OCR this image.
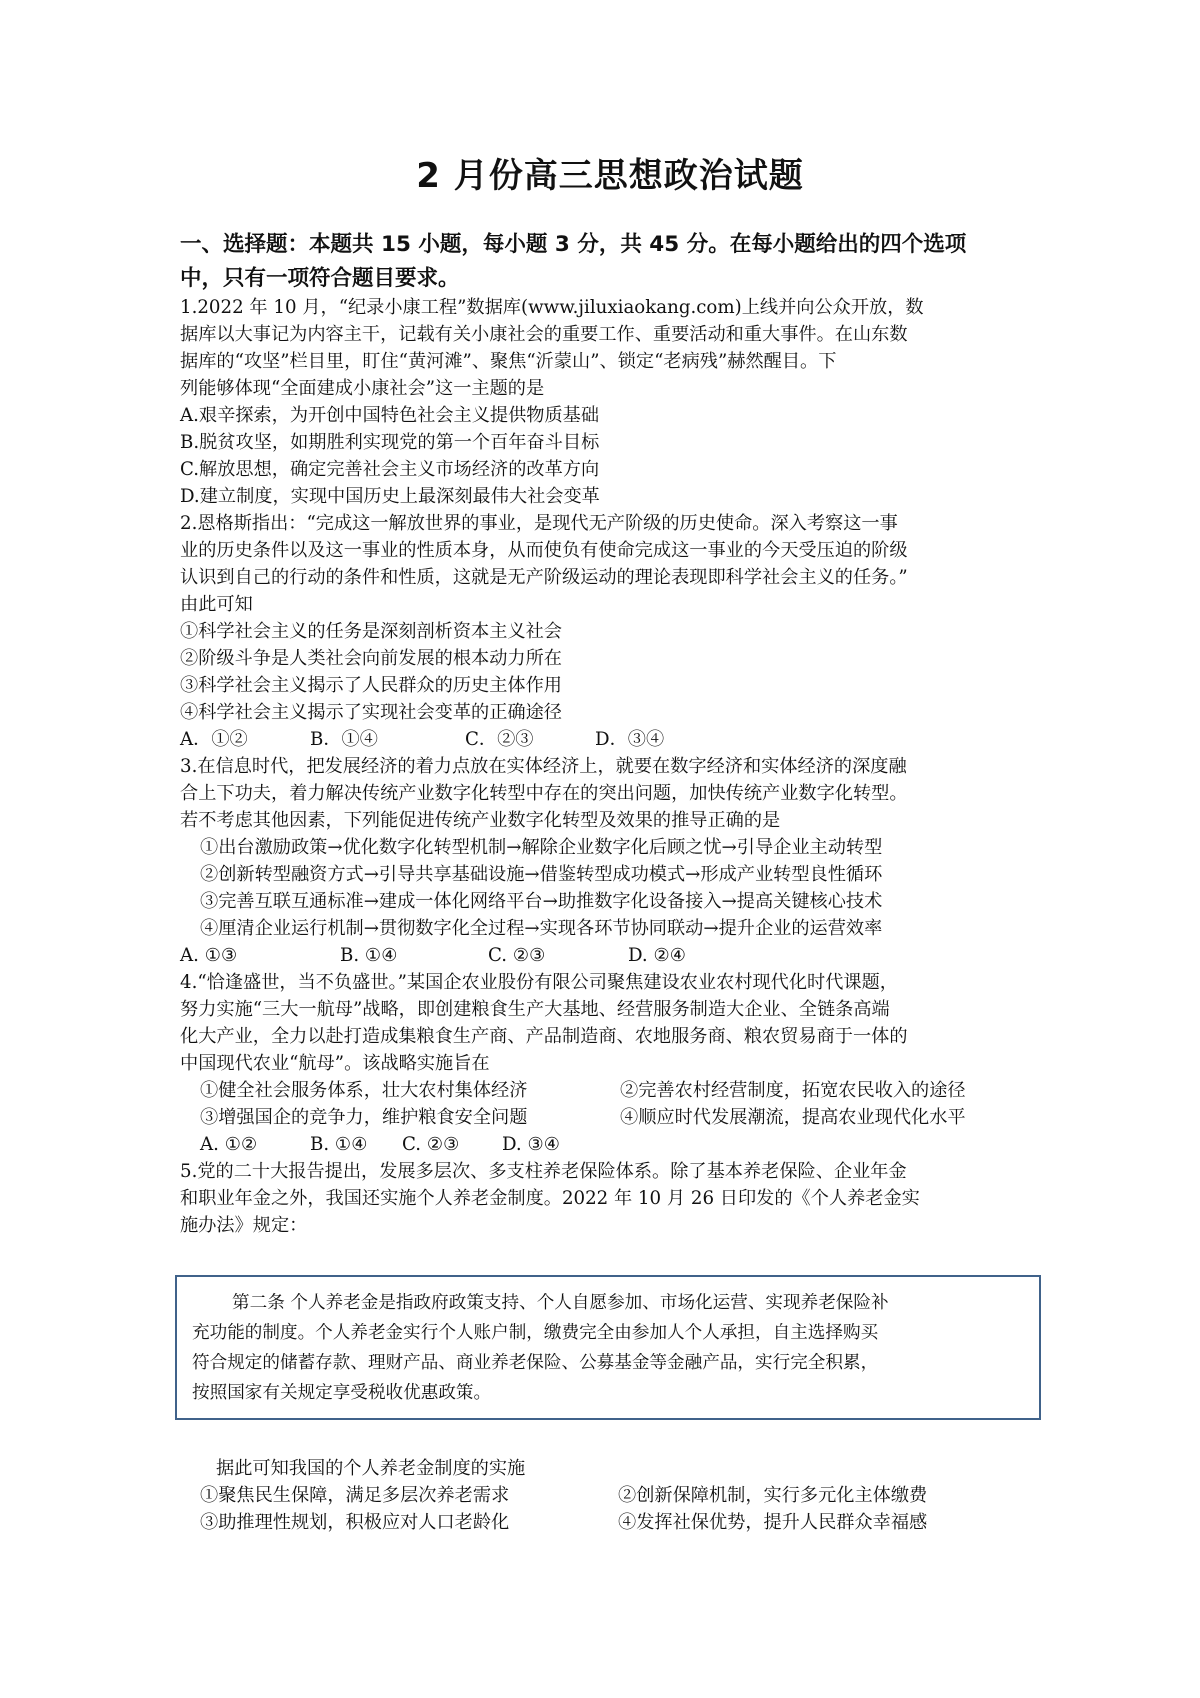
2 月份高三思想政治试题
一、选择题：本题共 15 小题，每小题 3 分，共 45 分。在每小题给出的四个选项
中，只有一项符合题目要求。
1.2022 年 10 月，“纪录小康工程”数据库(www.jiluxiaokang.com)上线并向公众开放，数
据库以大事记为内容主干，记载有关小康社会的重要工作、重要活动和重大事件。在山东数
据库的“攻坚”栏目里，盯住“黄河滩”、聚焦“沂蒙山”、锁定“老病残”赫然醒目。下
列能够体现“全面建成小康社会”这一主题的是
A.艰辛探索，为开创中国特色社会主义提供物质基础
B.脱贫攻坚，如期胜利实现党的第一个百年奋斗目标
C.解放思想，确定完善社会主义市场经济的改革方向
D.建立制度，实现中国历史上最深刻最伟大社会变革
2.恩格斯指出：“完成这一解放世界的事业，是现代无产阶级的历史使命。深入考察这一事
业的历史条件以及这一事业的性质本身，从而使负有使命完成这一事业的今天受压迫的阶级
认识到自己的行动的条件和性质，这就是无产阶级运动的理论表现即科学社会主义的任务。”
由此可知
①科学社会主义的任务是深刻剖析资本主义社会
②阶级斗争是人类社会向前发展的根本动力所在
③科学社会主义揭示了人民群众的历史主体作用
④科学社会主义揭示了实现社会变革的正确途径
A．①②	B．①④	C．②③	D．③④
3.在信息时代，把发展经济的着力点放在实体经济上，就要在数字经济和实体经济的深度融
合上下功夫，着力解决传统产业数字化转型中存在的突出问题，加快传统产业数字化转型。
若不考虑其他因素，下列能促进传统产业数字化转型及效果的推导正确的是
①出台激励政策→优化数字化转型机制→解除企业数字化后顾之忧→引导企业主动转型
②创新转型融资方式→引导共享基础设施→借鉴转型成功模式→形成产业转型良性循环
③完善互联互通标准→建成一体化网络平台→助推数字化设备接入→提高关键核心技术
④厘清企业运行机制→贯彻数字化全过程→实现各环节协同联动→提升企业的运营效率
A. ①③	B. ①④	C. ②③	D. ②④
4.“恰逢盛世，当不负盛世。”某国企农业股份有限公司聚焦建设农业农村现代化时代课题，
努力实施“三大一航母”战略，即创建粮食生产大基地、经营服务制造大企业、全链条高端
化大产业，全力以赴打造成集粮食生产商、产品制造商、农地服务商、粮农贸易商于一体的
中国现代农业“航母”。该战略实施旨在
①健全社会服务体系，壮大农村集体经济	②完善农村经营制度，拓宽农民收入的途径
③增强国企的竞争力，维护粮食安全问题	④顺应时代发展潮流，提高农业现代化水平
A. ①②	B. ①④ C. ②③ D. ③④
5.党的二十大报告提出，发展多层次、多支柱养老保险体系。除了基本养老保险、企业年金
和职业年金之外，我国还实施个人养老金制度。2022 年 10 月 26 日印发的《个人养老金实
施办法》规定：
第二条 个人养老金是指政府政策支持、个人自愿参加、市场化运营、实现养老保险补
充功能的制度。个人养老金实行个人账户制，缴费完全由参加人个人承担，自主选择购买
符合规定的储蓄存款、理财产品、商业养老保险、公募基金等金融产品，实行完全积累，
按照国家有关规定享受税收优惠政策。
据此可知我国的个人养老金制度的实施
①聚焦民生保障，满足多层次养老需求	②创新保障机制，实行多元化主体缴费
③助推理性规划，积极应对人口老龄化	④发挥社保优势，提升人民群众幸福感
